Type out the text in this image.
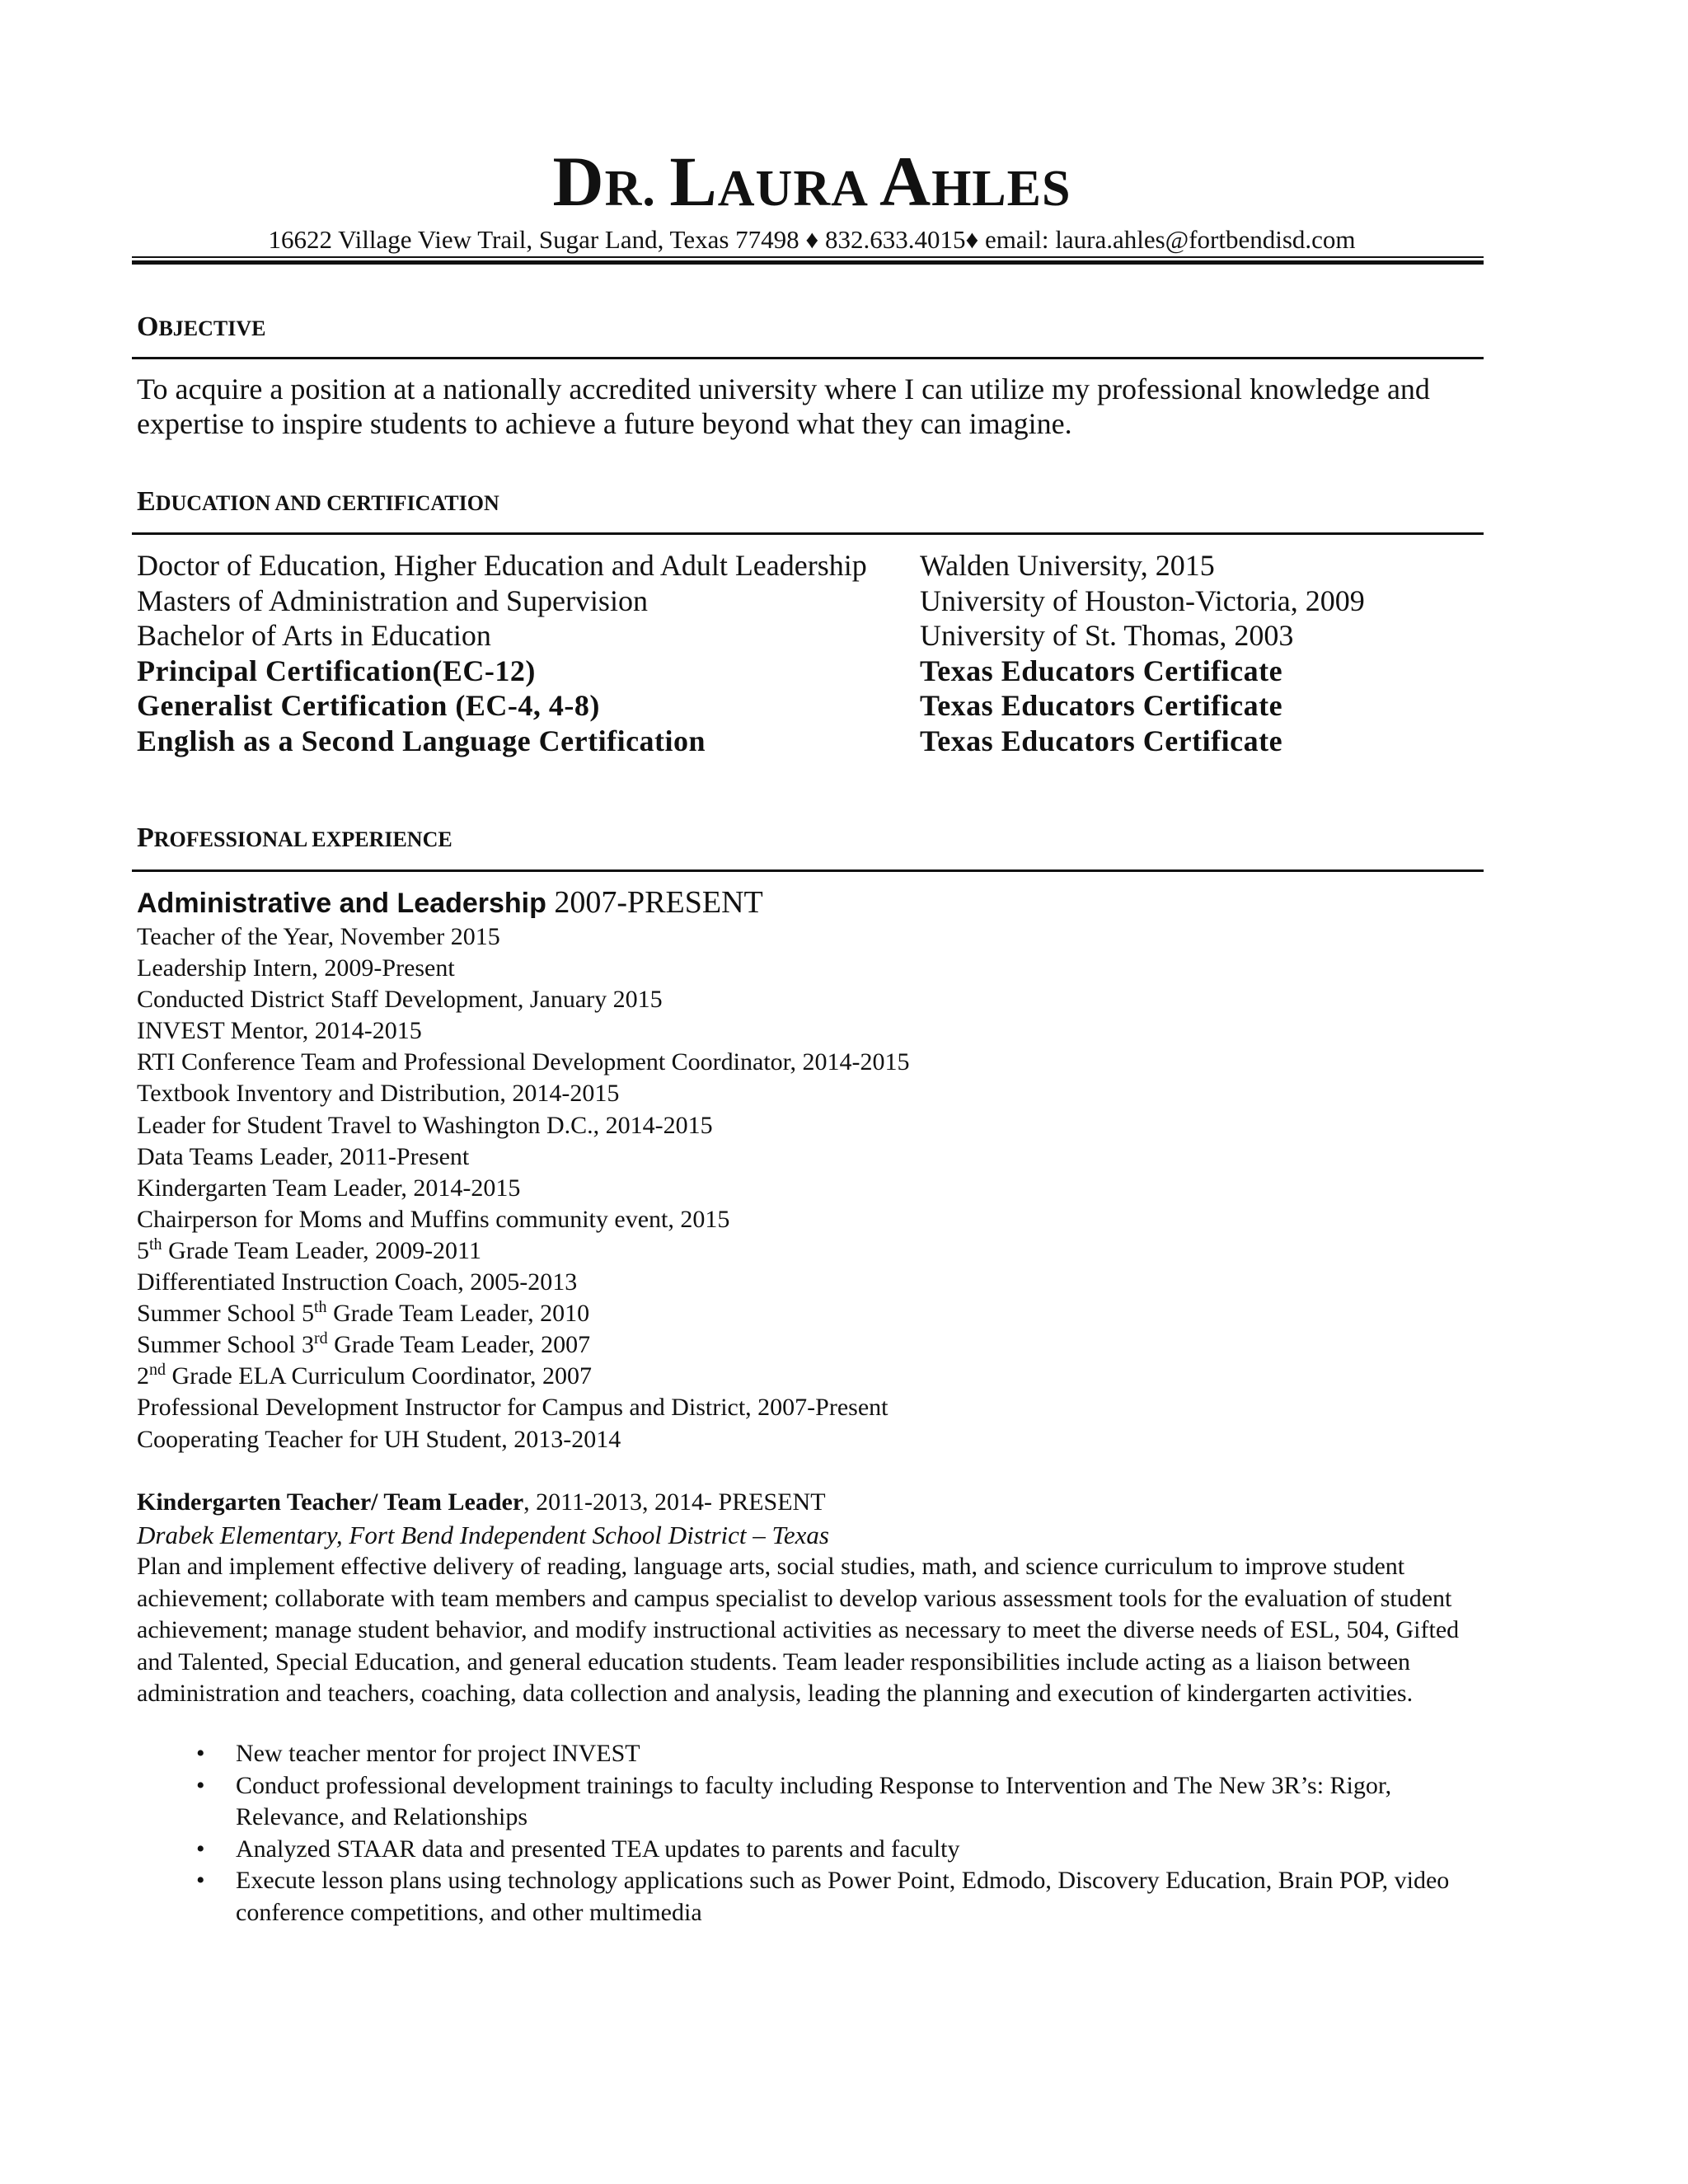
DR. LAURA AHLES
16622 Village View Trail, Sugar Land, Texas 77498 ♦ 832.633.4015♦ email: laura.ahles@fortbendisd.com
OBJECTIVE
To acquire a position at a nationally accredited university where I can utilize my professional knowledge and expertise to inspire students to achieve a future beyond what they can imagine.
EDUCATION AND CERTIFICATION
Doctor of Education, Higher Education and Adult Leadership Walden University, 2015
Masters of Administration and Supervision	University of Houston-Victoria, 2009
Bachelor of Arts in Education	University of St. Thomas, 2003
Principal Certification(EC-12)	Texas Educators Certificate
Generalist Certification (EC-4, 4-8)	Texas Educators Certificate
English as a Second Language Certification	Texas Educators Certificate
PROFESSIONAL EXPERIENCE
Administrative and Leadership 2007-PRESENT
Teacher of the Year, November 2015
Leadership Intern, 2009-Present
Conducted District Staff Development, January 2015
INVEST Mentor, 2014-2015
RTI Conference Team and Professional Development Coordinator, 2014-2015
Textbook Inventory and Distribution, 2014-2015
Leader for Student Travel to Washington D.C., 2014-2015
Data Teams Leader, 2011-Present
Kindergarten Team Leader, 2014-2015
Chairperson for Moms and Muffins community event, 2015
5th Grade Team Leader, 2009-2011
Differentiated Instruction Coach, 2005-2013
Summer School 5th Grade Team Leader, 2010
Summer School 3rd Grade Team Leader, 2007
2nd Grade ELA Curriculum Coordinator, 2007
Professional Development Instructor for Campus and District, 2007-Present
Cooperating Teacher for UH Student, 2013-2014
Kindergarten Teacher/ Team Leader, 2011-2013, 2014- PRESENT
Drabek Elementary, Fort Bend Independent School District – Texas
Plan and implement effective delivery of reading, language arts, social studies, math, and science curriculum to improve student achievement; collaborate with team members and campus specialist to develop various assessment tools for the evaluation of student achievement; manage student behavior, and modify instructional activities as necessary to meet the diverse needs of ESL, 504, Gifted and Talented, Special Education, and general education students. Team leader responsibilities include acting as a liaison between administration and teachers, coaching, data collection and analysis, leading the planning and execution of kindergarten activities.
• New teacher mentor for project INVEST
• Conduct professional development trainings to faculty including Response to Intervention and The New 3R’s: Rigor, Relevance, and Relationships
• Analyzed STAAR data and presented TEA updates to parents and faculty
• Execute lesson plans using technology applications such as Power Point, Edmodo, Discovery Education, Brain POP, video conference competitions, and other multimedia
